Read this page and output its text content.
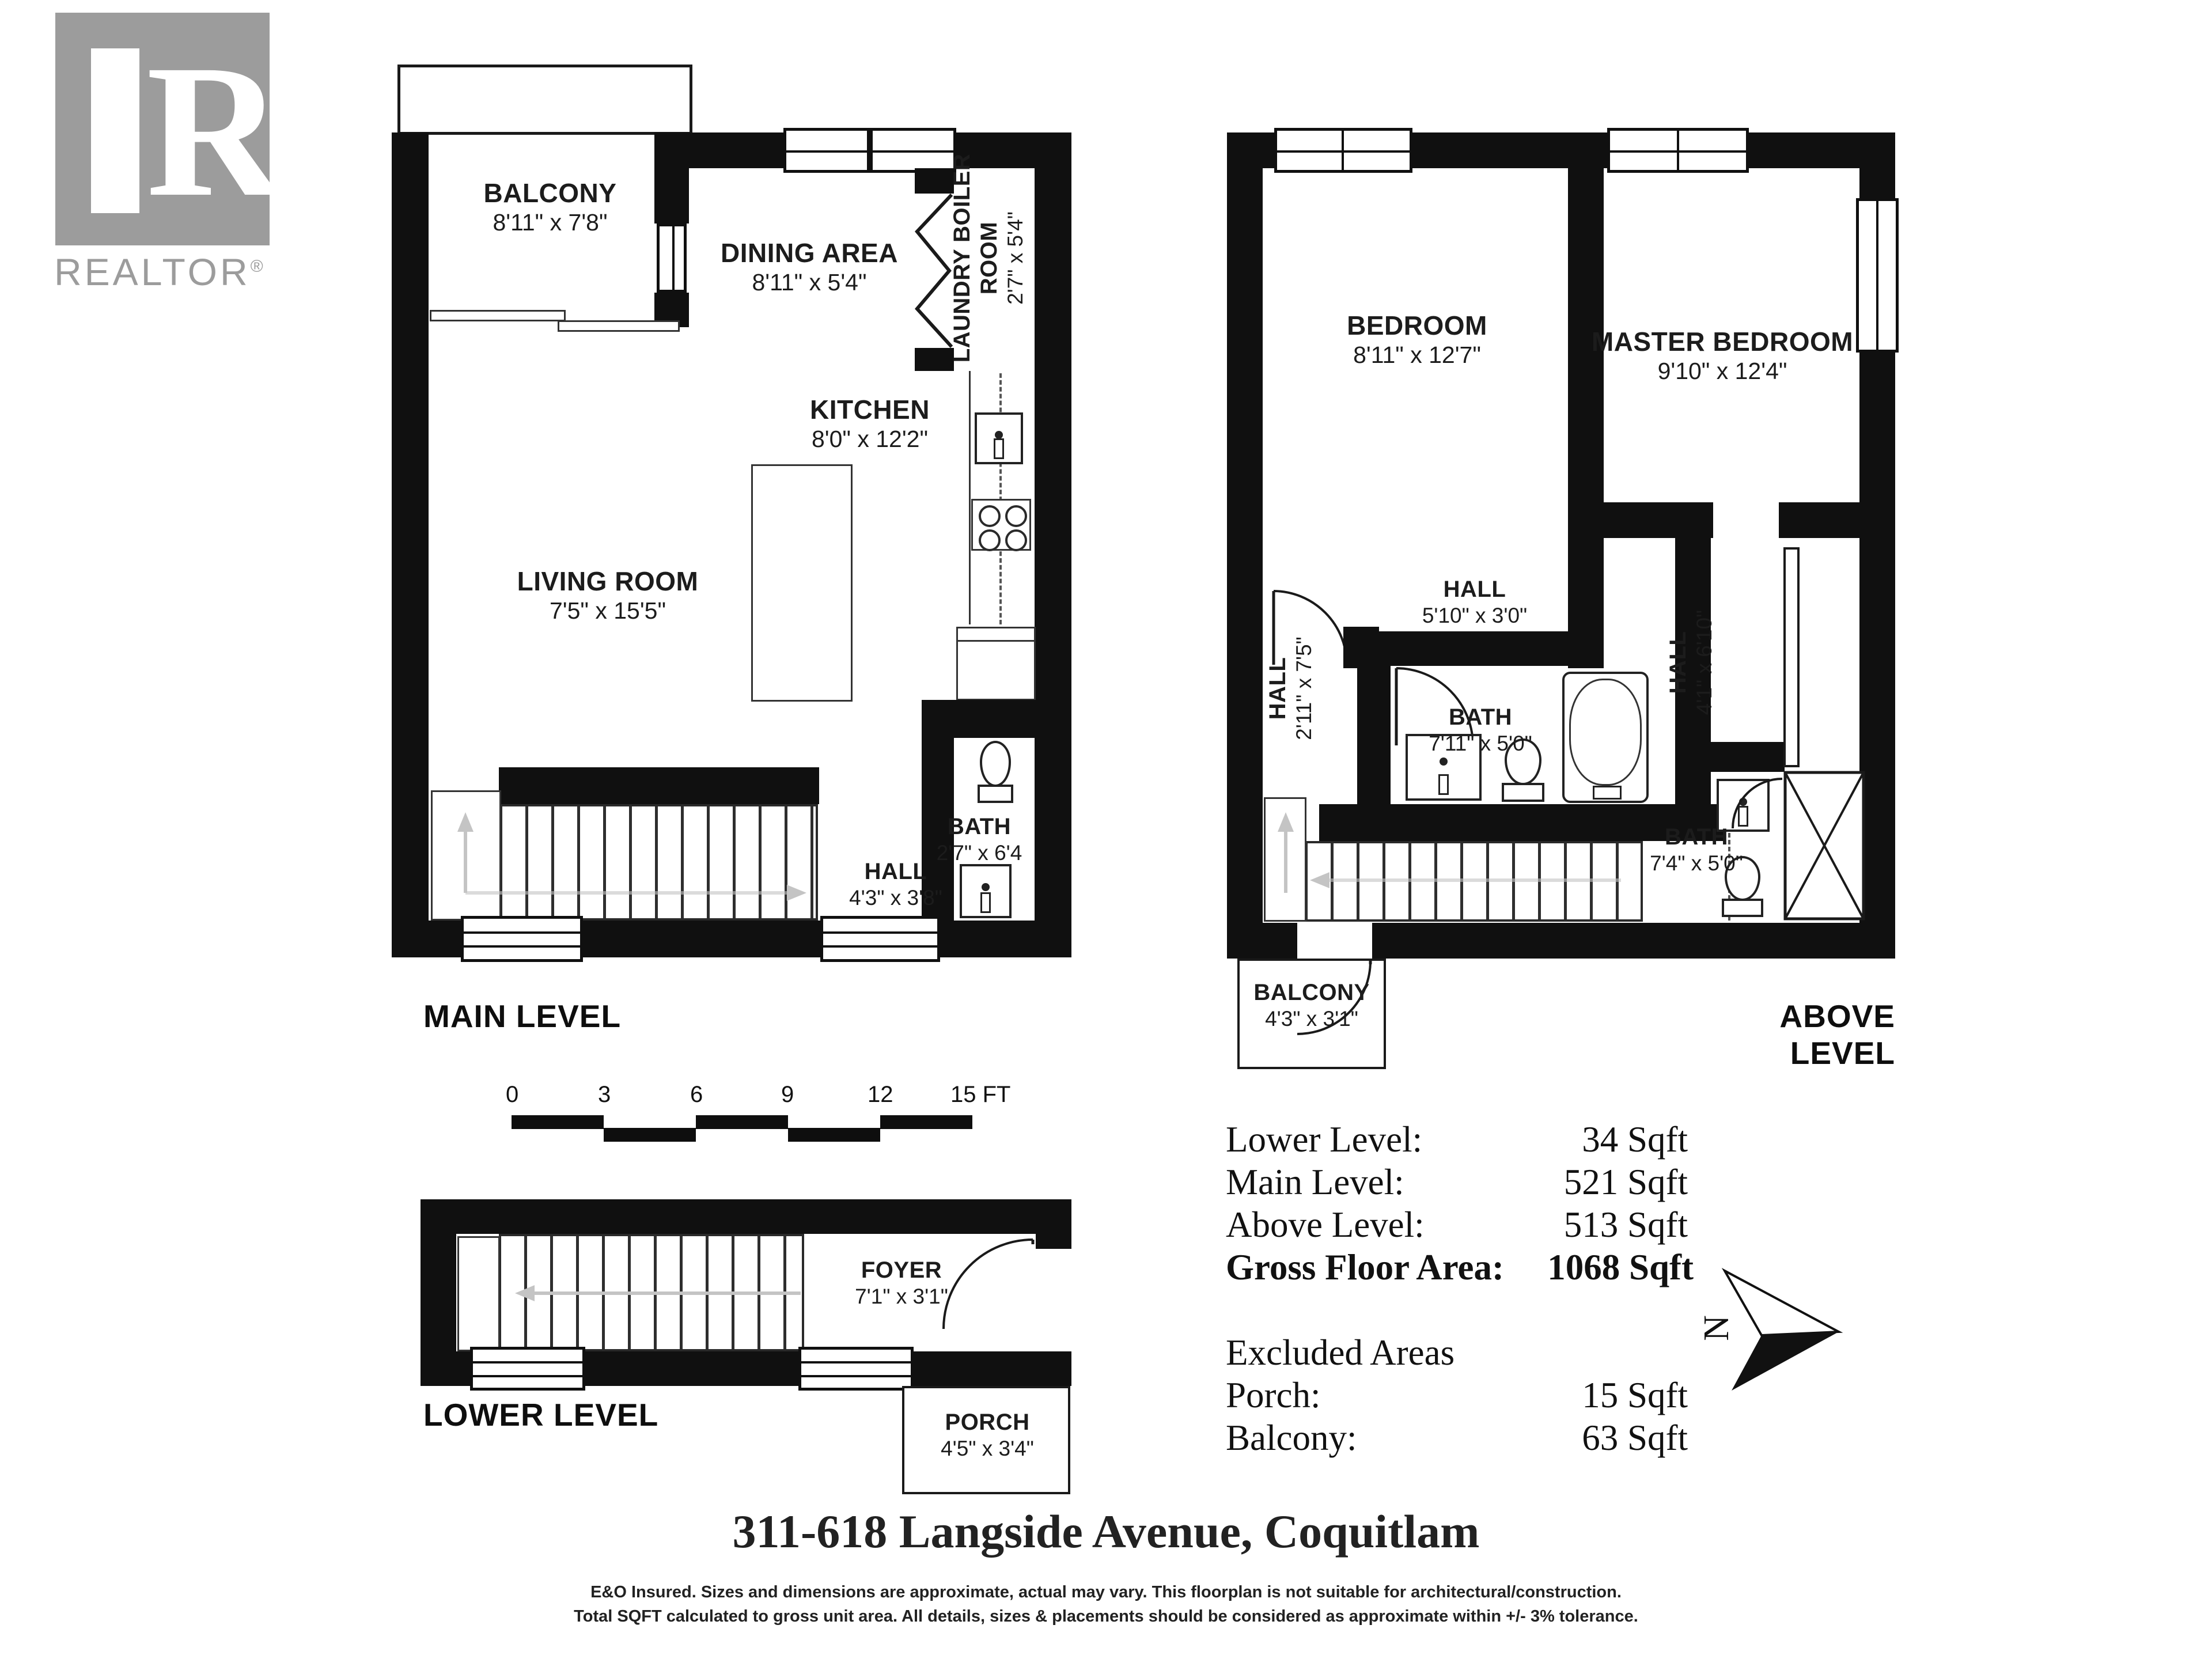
R
REALTOR®
BALCONY
8'11" x 7'8"
DINING AREA
8'11" x 5'4"	LAUNDRY BOILER ROOM 2'7" x 5'4"
KITCHEN
8'0" x 12'2"
LIVING ROOM
7'5" x 15'5"
BATH
2'7" x 6'4
HALL
4'3" x 3'8"
MAIN LEVEL
0	3	6	9	12 15 FT
BEDROOM
8'11" x 12'7"	MASTER BEDROOM
9'10" x 12'4"
HALL 2'11" x 7'5"
HALL
5'10" x 3'0"
HALL 4'1" x 6'10"
BATH
7'11" x 5'0"
BATH
7'4" x 5'0"
BALCONY
4'3" x 3'1"	ABOVE LEVEL
Lower Level:	34 Sqft
Main Level:	521 Sqft
Above Level:	513 Sqft
Gross Floor Area: 1068 Sqft
Excluded Areas
Porch:	15 Sqft
Balcony:	63 Sqft
N
FOYER
7'1" x 3'1"
PORCH
4'5" x 3'4"
LOWER LEVEL
311-618 Langside Avenue, Coquitlam
E&O Insured. Sizes and dimensions are approximate, actual may vary. This floorplan is not suitable for architectural/construction.
Total SQFT calculated to gross unit area. All details, sizes & placements should be considered as approximate within +/- 3% tolerance.
